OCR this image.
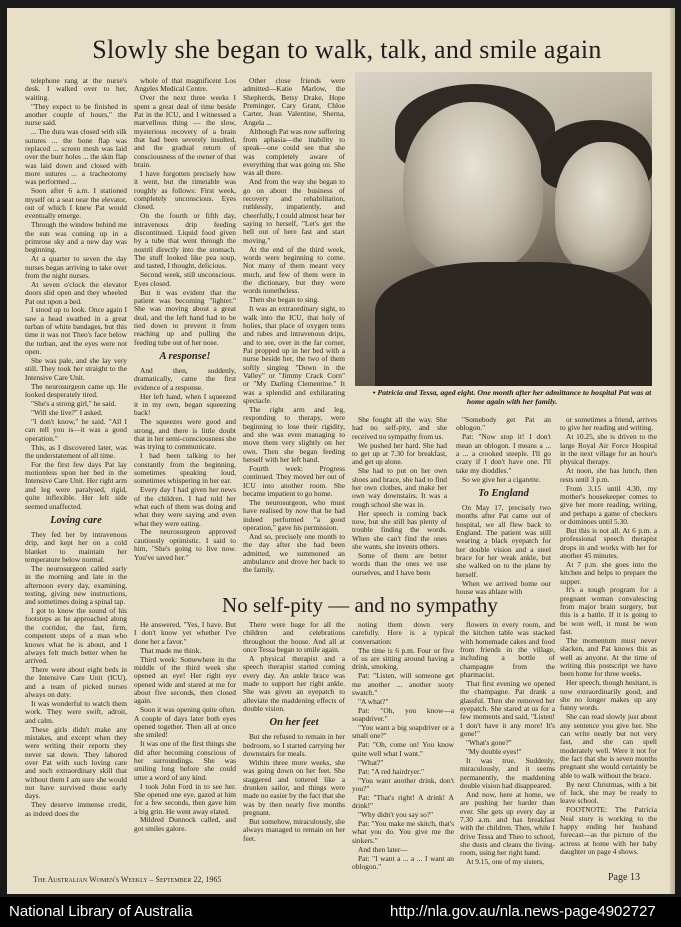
Slowly she began to walk, talk, and smile again

telephone rang at the nurse's desk. I walked over to her, waiting.

"They expect to be finished in another couple of hours," the nurse said.

... The dura was closed with silk sutures ... the bone flap was replaced ... screen mesh was laid over the burr holes ... the skin flap was laid down and closed with more sutures ... a tracheotomy was performed ...

Soon after 6 a.m. I stationed myself on a seat near the elevator, out of which I knew Pat would eventually emerge.

Through the window behind me the sun was coming up in a primrose sky and a new day was beginning.

At a quarter to seven the day nurses began arriving to take over from the night nurses.

At seven o'clock the elevator doors slid open and they wheeled Pat out upon a bed.

I stood up to look. Once again I saw a head swathed in a great turban of white bandages, but this time it was not Theo's face below the turban, and the eyes were not open.

She was pale, and she lay very still. They took her straight to the Intensive Care Unit.

The neurosurgeon came up. He looked desperately tired.

"She's a strong girl," he said.

"Will she live?" I asked.

"I don't know," he said. "All I can tell you is—it was a good operation."

This, as I discovered later, was the understatement of all time.

For the first few days Pat lay motionless upon her bed in the Intensive Care Unit. Her right arm and leg were paralysed, rigid, quite inflexible. Her left side seemed unaffected.

Loving care

They fed her by intravenous drip, and kept her on a cold blanket to maintain her temperature below normal.

The neurosurgeon called early in the morning and late in the afternoon every day, examining, testing, giving new instructions, and sometimes doing a spinal tap.

I got to know the sound of his footsteps as he approached along the corridor, the fast, firm, competent steps of a man who knows what he is about, and I always felt much better when he arrived.

There were about eight beds in the Intensive Care Unit (ICU), and a team of picked nurses always on duty.

It was wonderful to watch them work. They were swift, adroit, and calm.

These girls didn't make any mistakes, and except when they were writing their reports they never sat down. They labored over Pat with such loving care and such extraordinary skill that without them I am sure she would not have survived those early days.

They deserve immense credit, as indeed does the

whole of that magnificent Los Angeles Medical Centre.

Over the next three weeks I spent a great deal of time beside Pat in the ICU, and I witnessed a marvellous thing — the slow, mysterious recovery of a brain that had been severely insulted, and the gradual return of consciousness of the owner of that brain.

I have forgotten precisely how it went, but the timetable was roughly as follows: First week, completely unconscious. Eyes closed.

On the fourth or fifth day, intravenous drip feeding discontinued. Liquid food given by a tube that went through the nostril directly into the stomach. The stuff looked like pea soup, and tasted, I thought, delicious.

Second week, still unconscious. Eyes closed.

But it was evident that the patient was becoming "lighter." She was moving about a great deal, and the left hand had to be tied down to prevent it from reaching up and pulling the feeding tube out of her nose.

A response!

And then, suddenly, dramatically, came the first evidence of a response.

Her left hand, when I squeezed it in my own, began squeezing back!

The squeezes were good and strong, and there is little doubt that in her semi-consciousness she was trying to communicate.

I had been talking to her constantly from the beginning, sometimes speaking loud, sometimes whispering in her ear.

Every day I had given her news of the children. I had told her what each of them was doing and what they were saying and even what they were eating.

The neurosurgeon approved cautiously optimistic. I said to him, "She's going to live now. You've saved her."

Other close friends were admitted—Katie Marlow, the Shepherds, Betsy Drake, Hope Preminger, Cary Grant, Chloe Carter, Jean Valentine, Sherna, Angela ...

Although Pat was now suffering from aphasia—the inability to speak—one could see that she was completely aware of everything that was going on. She was all there.

And from the way she began to go on about the business of recovery and rehabilitation, ruthlessly, impatiently, and cheerfully, I could almost hear her saying to herself, "Let's get the hell out of here fast and start moving."

At the end of the third week, words were beginning to come. Not many of them meant very much, and few of them were in the dictionary, but they were words nonetheless.

Then she began to sing.

It was an extraordinary sight, to walk into the ICU, that holy of holies, that place of oxygen tents and tubes and intravenous drips, and to see, over in the far corner, Pat propped up in her bed with a nurse beside her, the two of them softly singing "Down in the Valley" or "Jimmy Crack Corn" or "My Darling Clementine." It was a splendid and exhilarating spectacle.

The right arm and leg, responding to therapy, were beginning to lose their rigidity, and she was even managing to move them very slightly on her own. Then she began feeding herself with her left hand.

Fourth week: Progress continued. They moved her out of ICU into another room. She became impatient to go home.

The neurosurgeon, who must have realised by now that he had indeed performed "a good operation," gave his permission.

And so, precisely one month to the day after she had been admitted, we summoned an ambulance and drove her back to the family.

• Patricia and Tessa, aged eight. One month after her admittance to hospital Pat was at home again with her family.

She fought all the way. She had no self-pity, and she received no sympathy from us.

We pushed her hard. She had to get up at 7.30 for breakfast, and get up alone.

She had to put on her own shoes and brace, she had to find her own clothes, and make her own way downstairs. It was a rough school she was in.

Her speech is coming back now, but she still has plenty of trouble finding the words. When she can't find the ones she wants, she invents others.

Some of them are better words than the ones we use ourselves, and I have been

"Somebody get Pat an oblogon."

Pat: "Now stop it! I don't mean an oblogon. I means a ... a ... a crooked steeple. I'll go crazy if I don't have one. I'll take my dioddles."

So we give her a cigarette.

To England

On May 17, precisely two months after Pat came out of hospital, we all flew back to England. The patient was still wearing a black eyepatch for her double vision and a steel brace for her weak ankle, but she walked on to the plane by herself.

When we arrived home our house was ablaze with

or sometimes a friend, arrives to give her reading and writing.

At 10.25, she is driven to the large Royal Air Force Hospital in the next village for an hour's physical therapy.

At noon, she has lunch, then rests until 3 p.m.

From 3.15 until 4.30, my mother's housekeeper comes to give her more reading, writing, and perhaps a game of checkers or dominoes until 5.30.

But this is not all. At 6 p.m. a professional speech therapist drops in and works with her for another 45 minutes.

At 7 p.m. she goes into the kitchen and helps to prepare the supper.

It's a tough program for a pregnant woman convalescing from major brain surgery, but this is a battle. If it is going to be won well, it must be won fast.

The momentum must never slacken, and Pat knows this as well as anyone. At the time of writing this postscript we have been home for three weeks.

Her speech, though hesitant, is now extraordinarily good, and she no longer makes up any funny words.

She can read slowly just about any sentence you give her. She can write neatly but not very fast, and she can spell moderately well. Were it not for the fact that she is seven months pregnant she would certainly be able to walk without the brace.

By next Christmas, with a bit of luck, she may be ready to leave school.

FOOTNOTE: The Patricia Neal story is working to the happy ending her husband forecast—as the picture of the actress at home with her baby daughter on page 4 shows.

No self-pity — and no sympathy

He answered, "Yes, I have. But I don't know yet whether I've done her a favor."

That made me think.

Third week: Somewhere in the middle of the third week she opened an eye! Her right eye opened wide and stared at me for about five seconds, then closed again.

Soon it was opening quite often. A couple of days later both eyes opened together. Then all at once she smiled!

It was one of the first things she did after becoming conscious of her surroundings. She was smiling long before she could utter a word of any kind.

I took John Ford in to see her. She opened one eye, gazed at him for a few seconds, then gave him a big grin. He went away elated.

Mildred Dunnock called, and got smiles galore.

There were huge for all the children and celebrations throughout the house. And all at once Tessa began to smile again.

A physical therapist and a speech therapist started coming every day. An ankle brace was made to support her right ankle. She was given an eyepatch to alleviate the maddening effects of double vision.

On her feet

But she refused to remain in her bedroom, so I started carrying her downstairs for meals.

Within three more weeks, she was going down on her feet. She staggered and tottered like a drunken sailor, and things were made no easier by the fact that she was by then nearly five months pregnant.

But somehow, miraculously, she always managed to remain on her feet.

noting them down very carefully. Here is a typical conversation:

The time is 6 p.m. Four or five of us are sitting around having a drink, smoking.

Pat: "Listen, will someone get me another ... another sooty swatch."

"A what?"

Pat: "Oh, you know—a soapdriver."

"You want a big soapdriver or a small one?"

Pat: "Oh, come on! You know quite well what I want."

"What?"

Pat: "A red hairdryer."

"You want another drink, don't you?"

Pat: "That's right! A drink! A drink!"

"Why didn't you say so?"

Pat: "You make me skitch, that's what you do. You give me the sinkers."

And then later—

Pat: "I want a ... a ... I want an oblogon."

flowers in every room, and the kitchen table was stacked with homemade cakes and food from friends in the village, including a bottle of champagne from the pharmacist.

That first evening we opened the champagne. Pat drank a glassful. Then she removed her eyepatch. She stared at us for a few moments and said, "Listen! I don't have it any more! It's gone!"

"What's gone?"

"My double eyes!"

It was true. Suddenly, miraculously, and it seems permanently, the maddening double vision had disappeared.

And now, here at home, we are pushing her harder than ever. She gets up every day at 7.30 a.m. and has breakfast with the children. Then, while I drive Tessa and Theo to school, she dusts and cleans the living-room, using her right hand.

At 9.15, one of my sisters,

The Australian Women's Weekly – September 22, 1965	Page 13
National Library of Australia	http://nla.gov.au/nla.news-page4902727
